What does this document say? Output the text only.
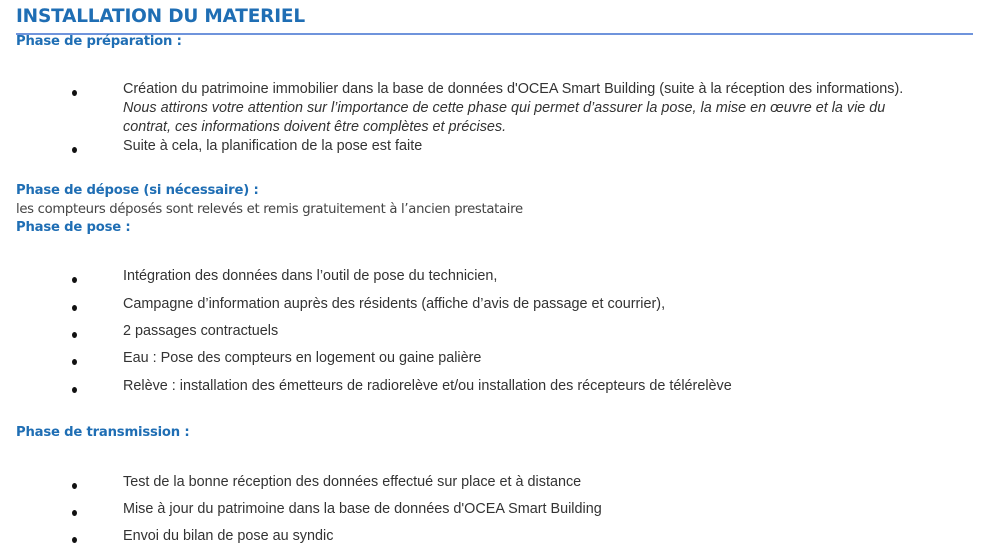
INSTALLATION DU MATERIEL
Phase de préparation :
Création du patrimoine immobilier dans la base de données d'OCEA Smart Building (suite à la réception des informations).
Nous attirons votre attention sur l’importance de cette phase qui permet d’assurer la pose, la mise en œuvre et la vie du
contrat, ces informations doivent être complètes et précises.
Suite à cela, la planification de la pose est faite
Phase de dépose (si nécessaire) :
les compteurs déposés sont relevés et remis gratuitement à l’ancien prestataire
Phase de pose :
Intégration des données dans l’outil de pose du technicien,
Campagne d’information auprès des résidents (affiche d’avis de passage et courrier),
2 passages contractuels
Eau : Pose des compteurs en logement ou gaine palière
Relève : installation des émetteurs de radiorelève et/ou installation des récepteurs de télérelève
Phase de transmission :
Test de la bonne réception des données effectué sur place et à distance
Mise à jour du patrimoine dans la base de données d'OCEA Smart Building
Envoi du bilan de pose au syndic
